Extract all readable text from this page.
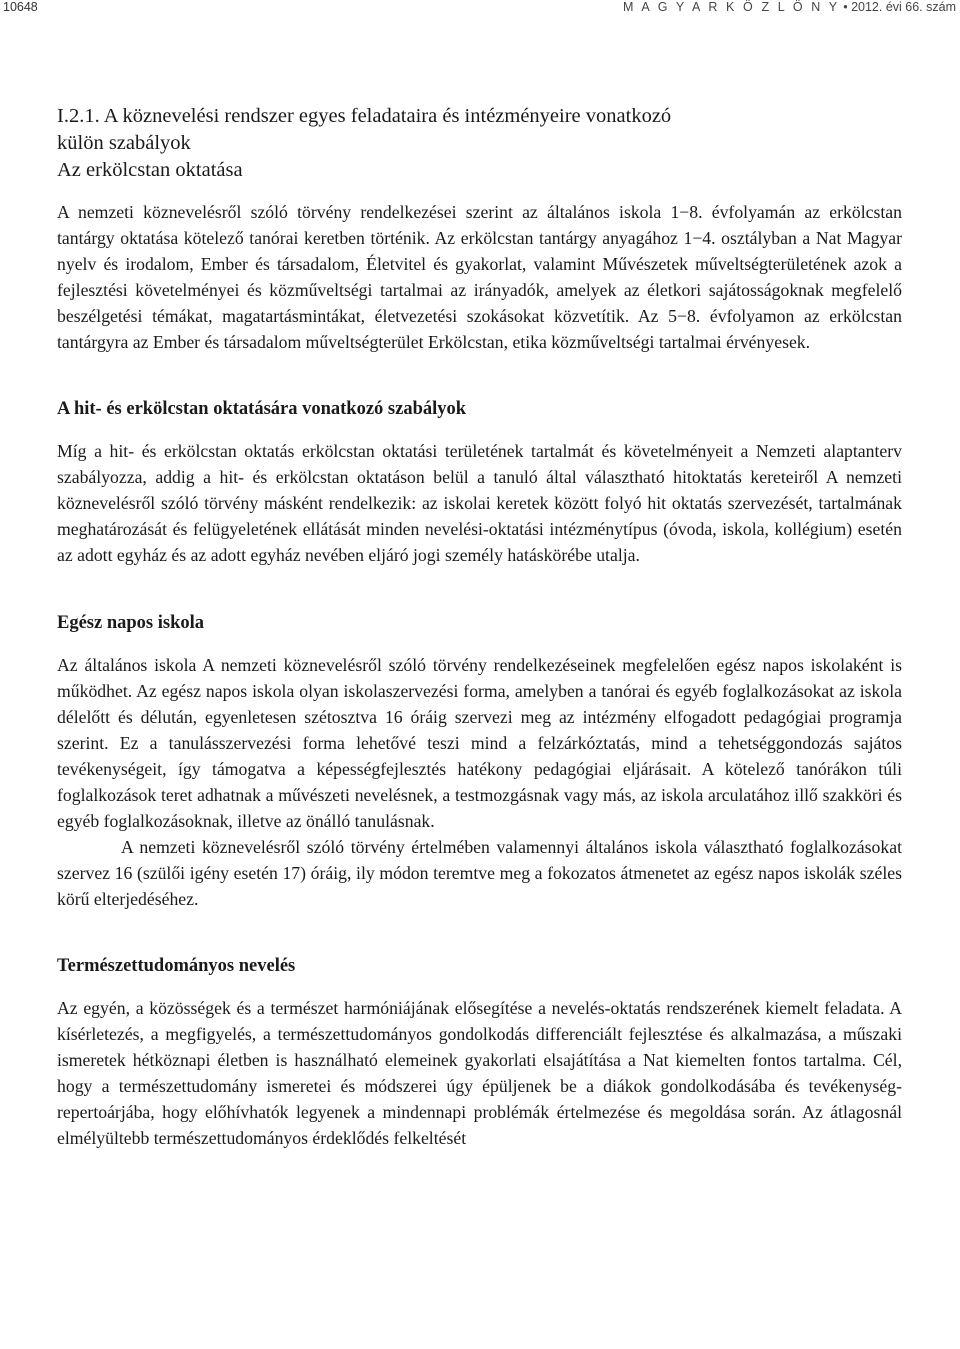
10648	M A G Y A R K Ö Z L Ö N Y • 2012. évi 66. szám
I.2.1. A köznevelési rendszer egyes feladataira és intézményeire vonatkozó
külön szabályok
Az erkölcstan oktatása

A nemzeti köznevelésről szóló törvény rendelkezései szerint az általános iskola 1−8. évfolyamán az erkölcstan tantárgy oktatása kötelező tanórai keretben történik. Az erkölcstan tantárgy anyagához 1−4. osztályban a Nat Magyar nyelv és irodalom, Ember és társadalom, Életvitel és gyakorlat, valamint Művészetek műveltségterületének azok a fejlesztési követelményei és közműveltségi tartalmai az irányadók, amelyek az életkori sajátosságoknak megfelelő beszélgetési témákat, magatartásmintákat, életvezetési szokásokat közvetítik. Az 5−8. évfolyamon az erkölcstan tantárgyra az Ember és társadalom műveltségterület Erkölcstan, etika közműveltségi tartalmai érvényesek.

A hit- és erkölcstan oktatására vonatkozó szabályok

Míg a hit- és erkölcstan oktatás erkölcstan oktatási területének tartalmát és követelményeit a Nemzeti alaptanterv szabályozza, addig a hit- és erkölcstan oktatáson belül a tanuló által választható hitoktatás kereteiről A nemzeti köznevelésről szóló törvény másként rendelkezik: az iskolai keretek között folyó hit oktatás szervezését, tartalmának meghatározását és felügyeletének ellátását minden nevelési-oktatási intézménytípus (óvoda, iskola, kollégium) esetén az adott egyház és az adott egyház nevében eljáró jogi személy hatáskörébe utalja.

Egész napos iskola

Az általános iskola A nemzeti köznevelésről szóló törvény rendelkezéseinek megfelelően egész napos iskolaként is működhet. Az egész napos iskola olyan iskolaszervezési forma, amelyben a tanórai és egyéb foglalkozásokat az iskola délelőtt és délután, egyenletesen szétosztva 16 óráig szervezi meg az intézmény elfogadott pedagógiai programja szerint. Ez a tanulásszervezési forma lehetővé teszi mind a felzárkóztatás, mind a tehetséggondozás sajátos tevékenységeit, így támogatva a képességfejlesztés hatékony pedagógiai eljárásait. A kötelező tanórákon túli foglalkozások teret adhatnak a művészeti nevelésnek, a testmozgásnak vagy más, az iskola arculatához illő szakköri és egyéb foglalkozásoknak, illetve az önálló tanulásnak.

A nemzeti köznevelésről szóló törvény értelmében valamennyi általános iskola választható foglalkozásokat szervez 16 (szülői igény esetén 17) óráig, ily módon teremtve meg a fokozatos átmenetet az egész napos iskolák széles körű elterjedéséhez.

Természettudományos nevelés

Az egyén, a közösségek és a természet harmóniájának elősegítése a nevelés-oktatás rendszerének kiemelt feladata. A kísérletezés, a megfigyelés, a természettudományos gondolkodás differenciált fejlesztése és alkalmazása, a műszaki ismeretek hétköznapi életben is használható elemeinek gyakorlati elsajátítása a Nat kiemelten fontos tartalma. Cél, hogy a természettudomány ismeretei és módszerei úgy épüljenek be a diákok gondolkodásába és tevékenység-repertoárjába, hogy előhívhatók legyenek a mindennapi problémák értelmezése és megoldása során. Az átlagosnál elmélyültebb természettudományos érdeklődés felkeltését
